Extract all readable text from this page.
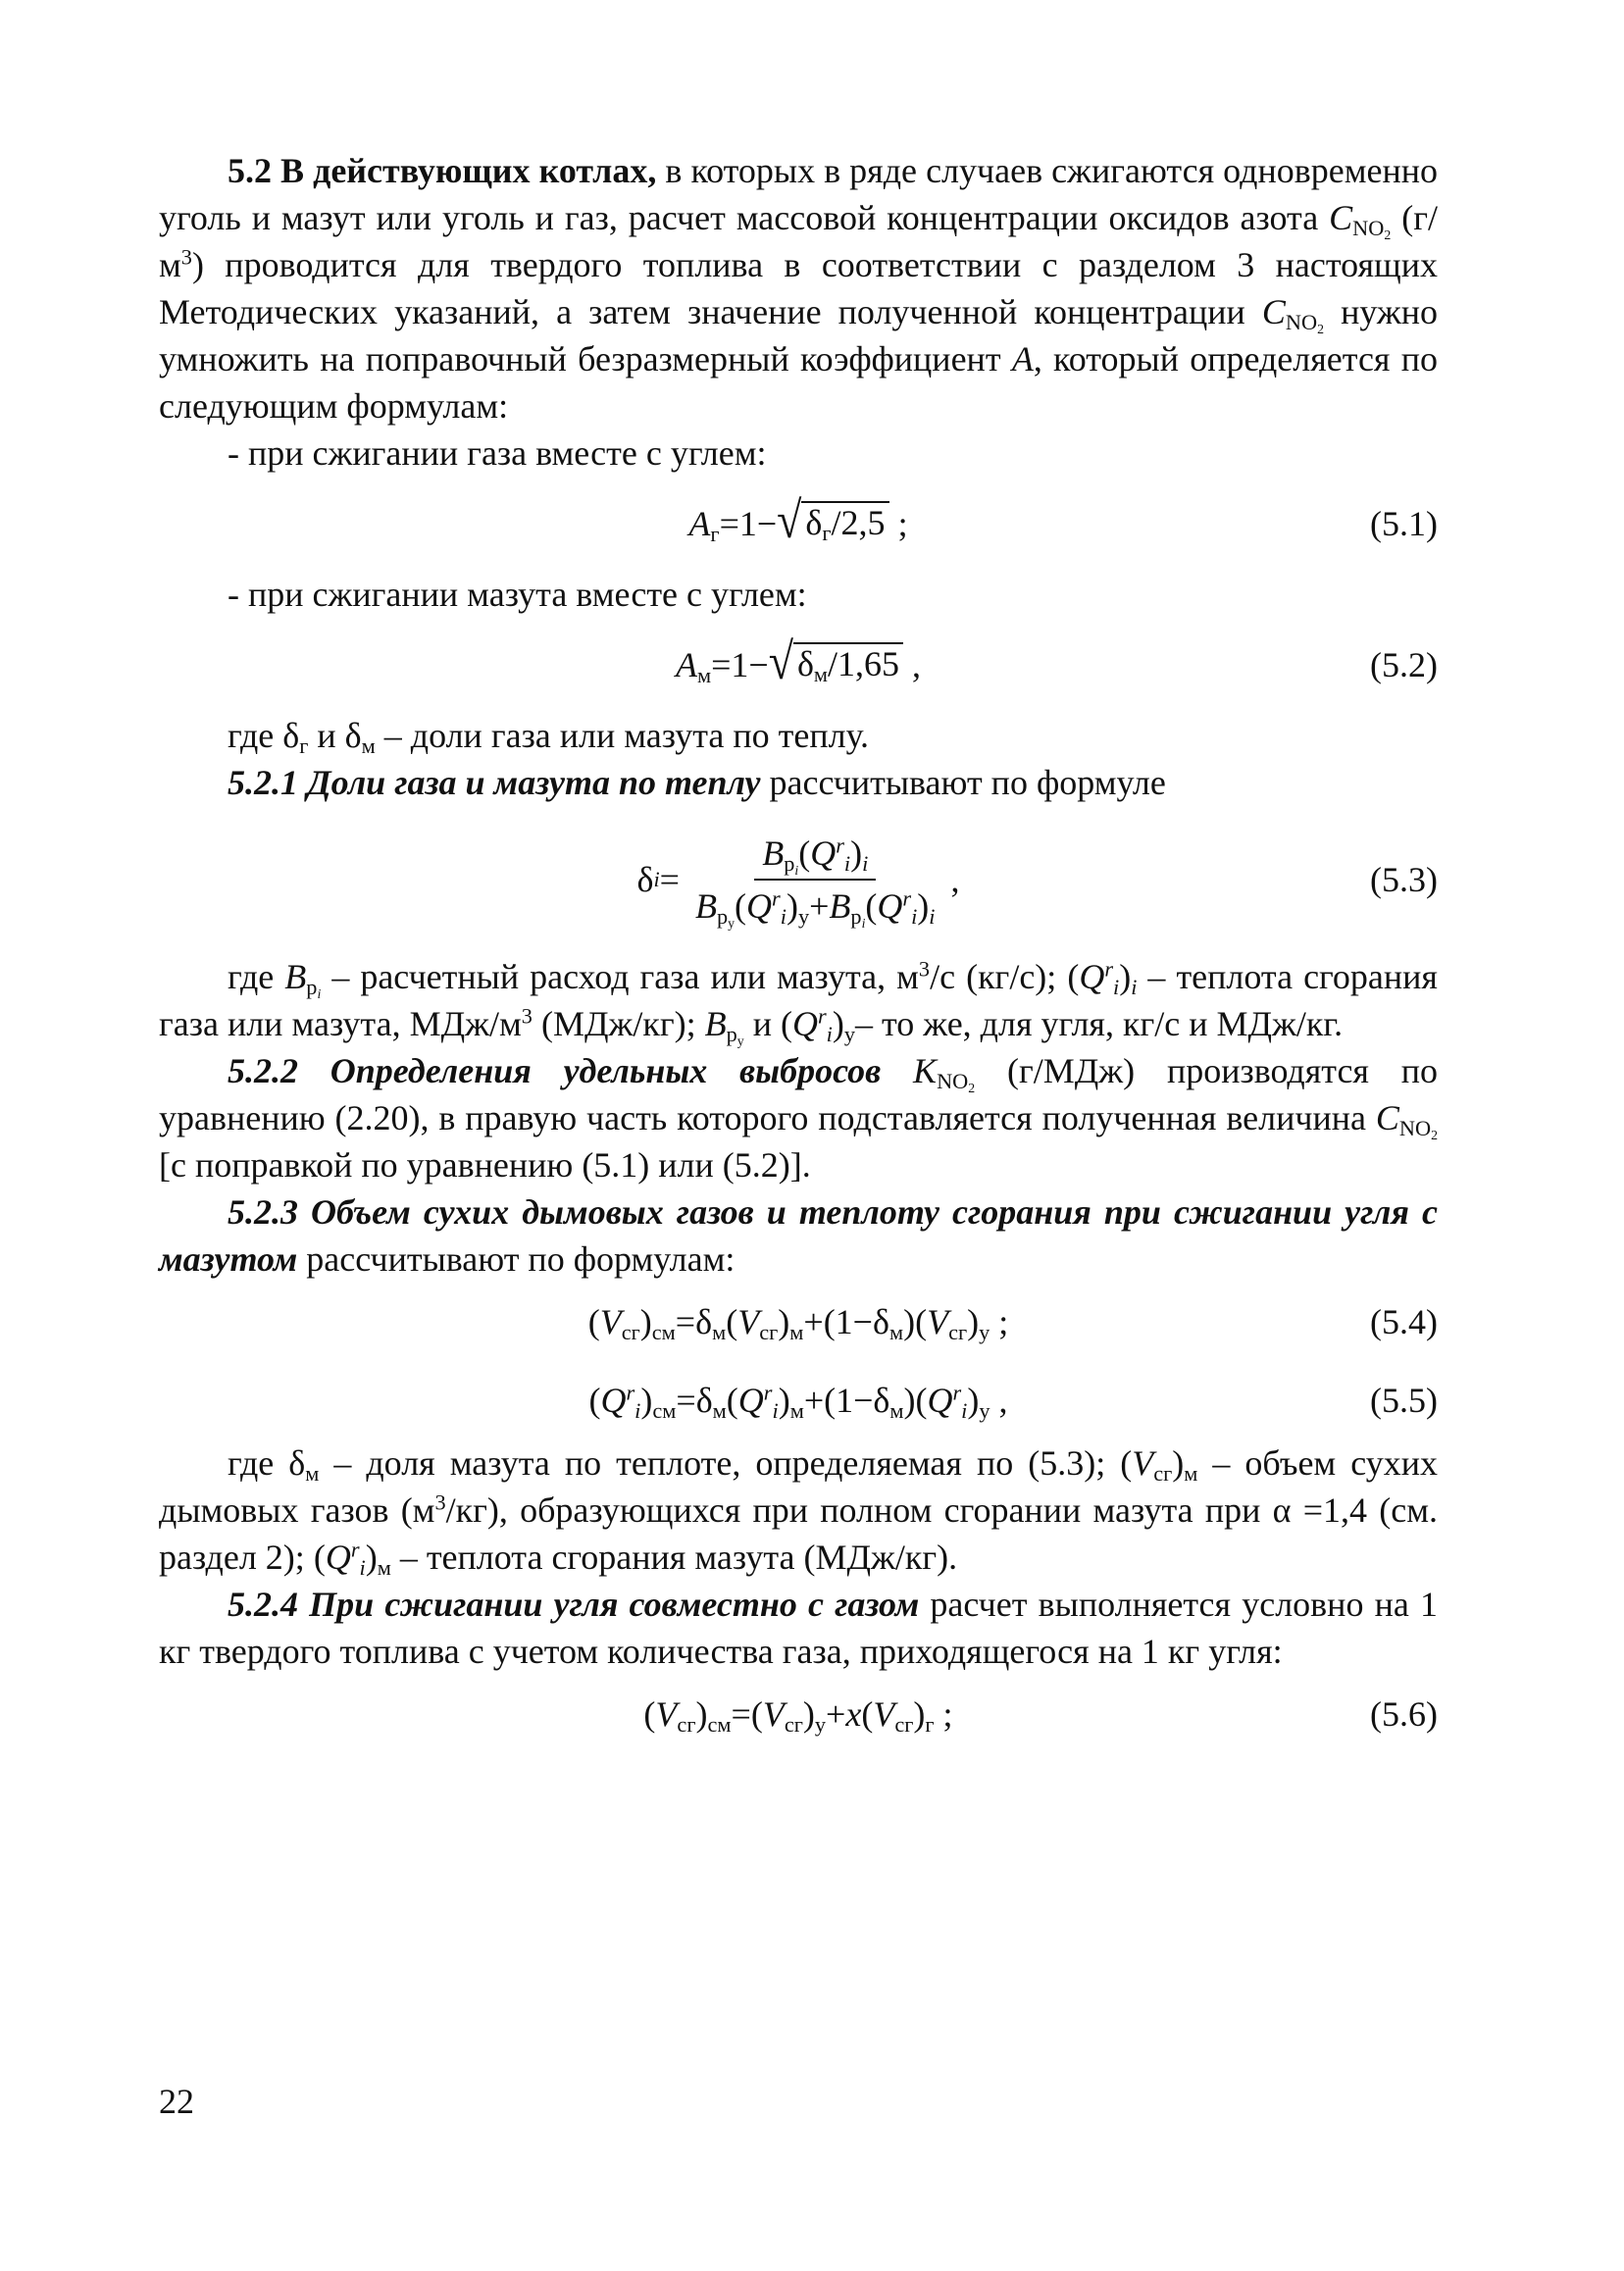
5.2 В действующих котлах, в которых в ряде случаев сжигаются одновременно уголь и мазут или уголь и газ, расчет массовой концентрации оксидов азота $C_{NO_2}$ $(г/м^3)$ проводится для твердого топлива в соответствии с разделом 3 настоящих Методических указаний, а затем значение полученной концентрации $C_{NO_2}$ нужно умножить на поправочный безразмерный коэффициент A, который определяется по следующим формулам:

- при сжигании газа вместе с углем:

$A_г=1-$ √ $\delta_г/2,5$ ;	(5.1)

- при сжигании мазута вместе с углем:

$A_м=1-$ √ $\delta_м/1,65$ ,	(5.2)

где $\delta_г$ и $\delta_м$ – доли газа или мазута по теплу.

5.2.1 Доли газа и мазута по теплу рассчитывают по формуле

δ $i = \frac{B_{p_i}(Q^r_i)_i}{B_{p_у}(Q^r_i)_у+B_{p_i}(Q^r_i)_i}$ ,	(5.3)

где $B_{p_i}$ – расчетный расход газа или мазута, $м^3/с$ (кг/с); $(Q^r_i)_i$ – теплота сгорания газа или мазута, МДж/$м^3$ (МДж/кг); $B_{p_у}$ и $(Q^r_i)_у-$ то же, для угля, кг/с и МДж/кг.

5.2.2 Определения удельных выбросов $K_{NO_2}$ (г/МДж) производятся по уравнению (2.20), в правую часть которого подставляется полученная величина $C_{NO_2}$ [с поправкой по уравнению (5.1) или (5.2)].

5.2.3 Объем сухих дымовых газов и теплоту сгорания при сжигании угля с мазутом рассчитывают по формулам:

$(V_{сг})_{см}=\delta_м(V_{сг})_м+(1-\delta_м)(V_{сг})_у$ ;	(5.4)
$(Q^r_i)_{см}=\delta_м(Q^r_i)_м+(1-\delta_м)(Q^r_i)_у$ ,	(5.5)

где $\delta_м$ – доля мазута по теплоте, определяемая по (5.3); $(V_{сг})_м$ – объем сухих дымовых газов $(м^3/кг)$, образующихся при полном сгорании мазута при α =1,4 (см. раздел 2); $(Q^r_i)_м$ – теплота сгорания мазута (МДж/кг).

5.2.4 При сжигании угля совместно с газом расчет выполняется условно на 1 кг твердого топлива с учетом количества газа, приходящегося на 1 кг угля:

$(V_{сг})_{см}=(V_{сг})_у+x(V_{сг})_г$ ;	(5.6)
22
